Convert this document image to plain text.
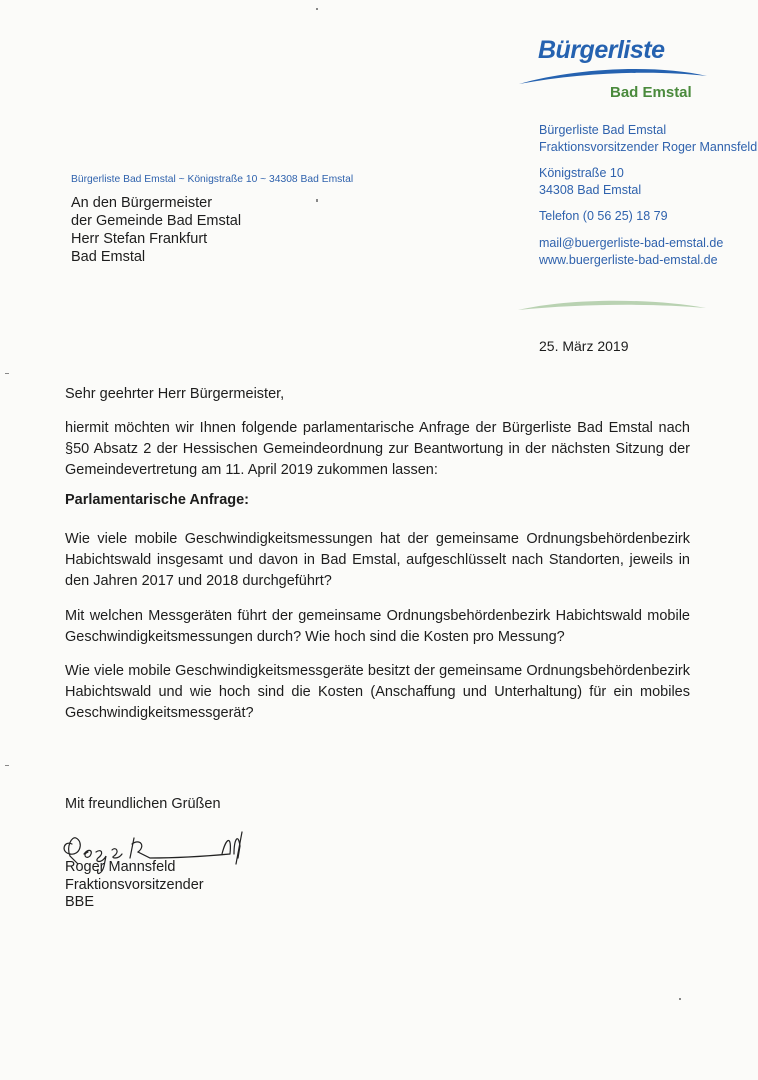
Bürgerliste
Bad Emstal
Bürgerliste Bad Emstal
Fraktionsvorsitzender Roger Mannsfeld
Königstraße 10
34308 Bad Emstal
Telefon (0 56 25) 18 79
mail@buergerliste-bad-emstal.de
www.buergerliste-bad-emstal.de
Bürgerliste Bad Emstal ~ Königstraße 10 ~ 34308 Bad Emstal
An den Bürgermeister
der Gemeinde Bad Emstal
Herr Stefan Frankfurt
Bad Emstal
25. März 2019
Sehr geehrter Herr Bürgermeister,
hiermit möchten wir Ihnen folgende parlamentarische Anfrage der Bürgerliste Bad Emstal nach §50 Absatz 2 der Hessischen Gemeindeordnung zur Beantwortung in der nächsten Sitzung der Gemeindevertretung am 11. April 2019 zukommen lassen:
Parlamentarische Anfrage:
Wie viele mobile Geschwindigkeitsmessungen hat der gemeinsame Ordnungsbehördenbezirk Habichtswald insgesamt und davon in Bad Emstal, aufgeschlüsselt nach Standorten, jeweils in den Jahren 2017 und 2018 durchgeführt?
Mit welchen Messgeräten führt der gemeinsame Ordnungsbehördenbezirk Habichtswald mobile Geschwindigkeitsmessungen durch? Wie hoch sind die Kosten pro Messung?
Wie viele mobile Geschwindigkeitsmessgeräte besitzt der gemeinsame Ordnungsbehördenbezirk Habichtswald und wie hoch sind die Kosten (Anschaffung und Unterhaltung) für ein mobiles Geschwindigkeitsmessgerät?
Mit freundlichen Grüßen
Roger Mannsfeld
Fraktionsvorsitzender
BBE
